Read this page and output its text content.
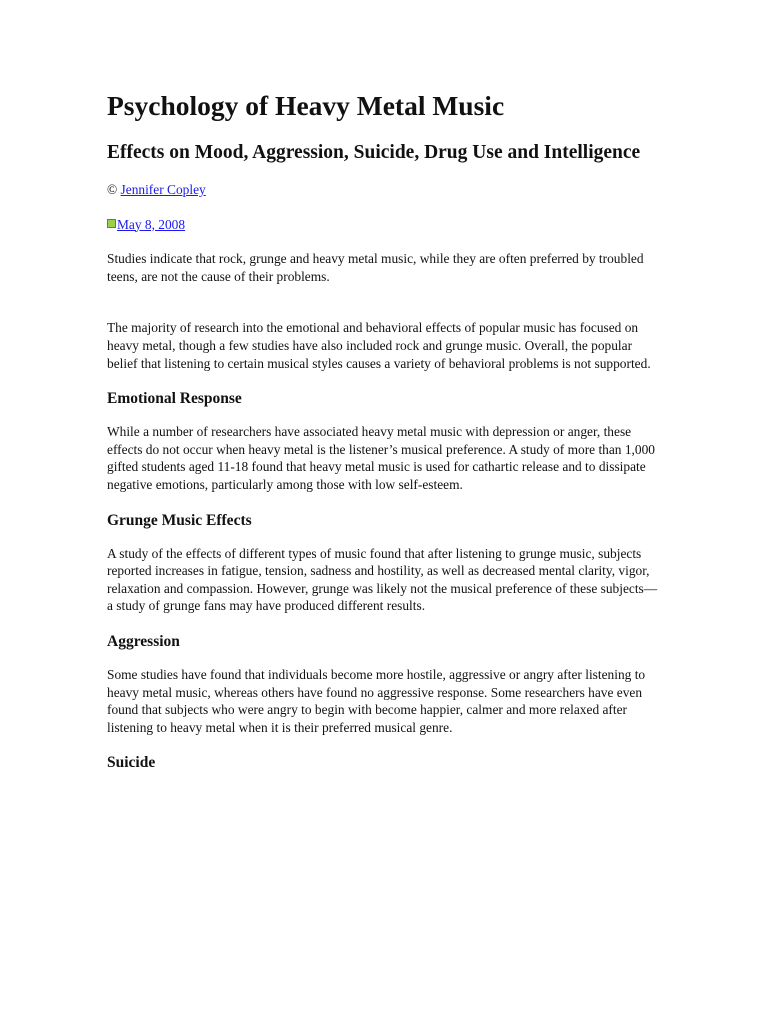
Psychology of Heavy Metal Music
Effects on Mood, Aggression, Suicide, Drug Use and Intelligence

© Jennifer Copley

May 8, 2008

Studies indicate that rock, grunge and heavy metal music, while they are often preferred by troubled teens, are not the cause of their problems.

The majority of research into the emotional and behavioral effects of popular music has focused on heavy metal, though a few studies have also included rock and grunge music. Overall, the popular belief that listening to certain musical styles causes a variety of behavioral problems is not supported.

Emotional Response

While a number of researchers have associated heavy metal music with depression or anger, these effects do not occur when heavy metal is the listener’s musical preference. A study of more than 1,000 gifted students aged 11-18 found that heavy metal music is used for cathartic release and to dissipate negative emotions, particularly among those with low self-esteem.

Grunge Music Effects

A study of the effects of different types of music found that after listening to grunge music, subjects reported increases in fatigue, tension, sadness and hostility, as well as decreased mental clarity, vigor, relaxation and compassion. However, grunge was likely not the musical preference of these subjects—a study of grunge fans may have produced different results.

Aggression

Some studies have found that individuals become more hostile, aggressive or angry after listening to heavy metal music, whereas others have found no aggressive response. Some researchers have even found that subjects who were angry to begin with become happier, calmer and more relaxed after listening to heavy metal when it is their preferred musical genre.

Suicide
